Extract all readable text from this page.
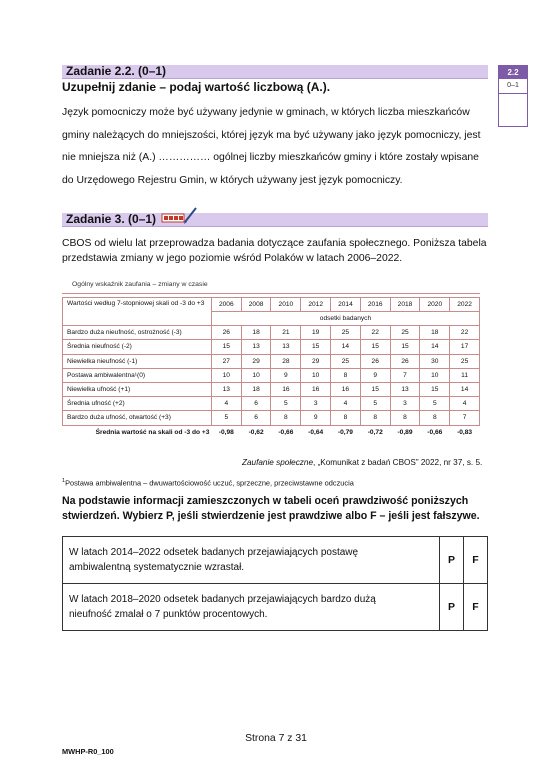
Zadanie 2.2. (0–1)
Uzupełnij zdanie – podaj wartość liczbową (A.).
2.2
0–1

Język pomocniczy może być używany jedynie w gminach, w których liczba mieszkańców

gminy należących do mniejszości, której język ma być używany jako język pomocniczy, jest

nie mniejsza niż (A.) …………… ogólnej liczby mieszkańców gminy i które zostały wpisane

do Urzędowego Rejestru Gmin, w których używany jest język pomocniczy.

Zadanie 3. (0–1)
CBOS od wielu lat przeprowadza badania dotyczące zaufania społecznego. Poniższa tabela
przedstawia zmiany w jego poziomie wśród Polaków w latach 2006–2022.
Ogólny wskaźnik zaufania – zmiany w czasie
Wartości według 7-stopniowej skali od -3 do +3	2006	2008	2010	2012	2014	2016	2018	2020	2022
	odsetki badanych								
Bardzo duża nieufność, ostrożność (-3)	26	18	21	19	25	22	25	18	22
Średnia nieufność (-2)	15	13	13	15	14	15	15	14	17
Niewielka nieufność (-1)	27	29	28	29	25	26	26	30	25
Postawa ambiwalentna¹(0)	10	10	9	10	8	9	7	10	11
Niewielka ufność (+1)	13	18	16	16	16	15	13	15	14
Średnia ufność (+2)	4	6	5	3	4	5	3	5	4
Bardzo duża ufność, otwartość (+3)	5	6	8	9	8	8	8	8	7
Średnia wartość na skali od -3 do +3	-0,98	-0,62	-0,66	-0,64	-0,79	-0,72	-0,89	-0,66	-0,83
Zaufanie społeczne, „Komunikat z badań CBOS” 2022, nr 37, s. 5.
$^1$Postawa ambiwalentna – dwuwartościowość uczuć, sprzeczne, przeciwstawne odczucia
Na podstawie informacji zamieszczonych w tabeli oceń prawdziwość poniższych
stwierdzeń. Wybierz P, jeśli stwierdzenie jest prawdziwe albo F – jeśli jest fałszywe.
W latach 2014–2022 odsetek badanych przejawiających postawę
ambiwalentną systematycznie wzrastał.	P	F

W latach 2018–2020 odsetek badanych przejawiających bardzo dużą
nieufność zmalał o 7 punktów procentowych.	P	F
Strona 7 z 31
MWHP-R0_100
